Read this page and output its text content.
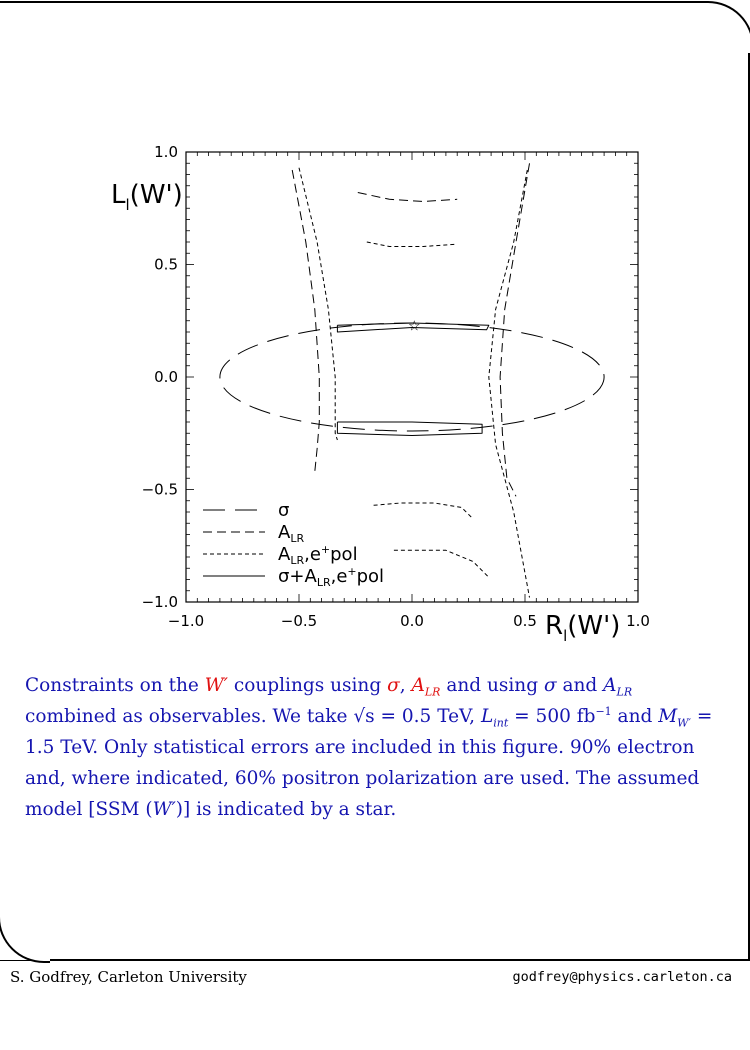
−1.0	−0.5	0.0	0.5	1.0
−1.0
−0.5
0.0
0.5
1.0
$L_l(W')$
$R_l(W')$
☆
σ
$A_{LR}$
$A_{LR},e^+pol$
$\sigma+A_{LR},e^+pol$
Constraints on the W′ couplings using σ, $A_{LR}$ and using σ and $A_{LR}$ combined as observables. We take √s = 0.5 TeV, $L_{int} = 500$ $fb^{-1}$ and $M_{W'} = 1.5$ TeV. Only statistical errors are included in this figure. 90% electron and, where indicated, 60% positron polarization are used. The assumed model [SSM (W′)] is indicated by a star.
S. Godfrey, Carleton University	godfrey@physics.carleton.ca
